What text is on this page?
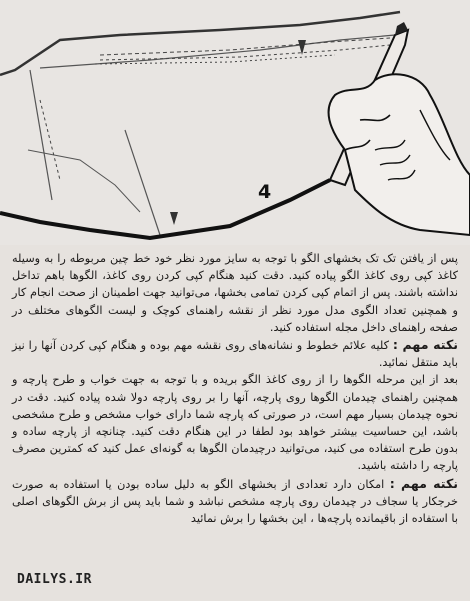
4

پس از یافتن تک تک بخشهای الگو با توجه به سایز مورد نظر خود خط چین مربوطه را به وسیله کاغذ کپی روی کاغذ الگو پیاده کنید. دقت کنید هنگام کپی کردن روی کاغذ، الگوها باهم تداخل نداشته باشند. پس از اتمام کپی کردن تمامی بخشها، می‌توانید جهت اطمینان از صحت انجام کار و همچنین تعداد الگوی مدل مورد نظر از نقشه راهنمای کوچک و لیست الگوهای مختلف در صفحه راهنمای داخل مجله استفاده کنید.

نکته مهم : کلیه علائم خطوط و نشانه‌های روی نقشه مهم بوده و هنگام کپی کردن آنها را نیز باید منتقل نمائید.

بعد از این مرحله الگوها را از روی کاغذ الگو بریده و با توجه به جهت خواب و طرح پارچه و همچنین راهنمای چیدمان الگوها روی پارچه، آنها را بر روی پارچه دولا شده پیاده کنید. دقت در نحوه چیدمان بسیار مهم است، در صورتی که پارچه شما دارای خواب مشخص و طرح مشخصی باشد، این حساسیت بیشتر خواهد بود لطفا در این هنگام دقت کنید. چنانچه از پارچه ساده و بدون طرح استفاده می کنید، می‌توانید درچیدمان الگوها به گونه‌ای عمل کنید که کمترین مصرف پارچه را داشته باشید.

نکته مهم : امکان دارد تعدادی از بخشهای الگو به دلیل ساده بودن یا استفاده به صورت خرجکار یا سجاف در چیدمان روی پارچه مشخص نباشد و شما باید پس از برش الگوهای اصلی با استفاده از باقیمانده پارچه‌ها ، این بخشها را برش نمائید

DAILYS.IR
